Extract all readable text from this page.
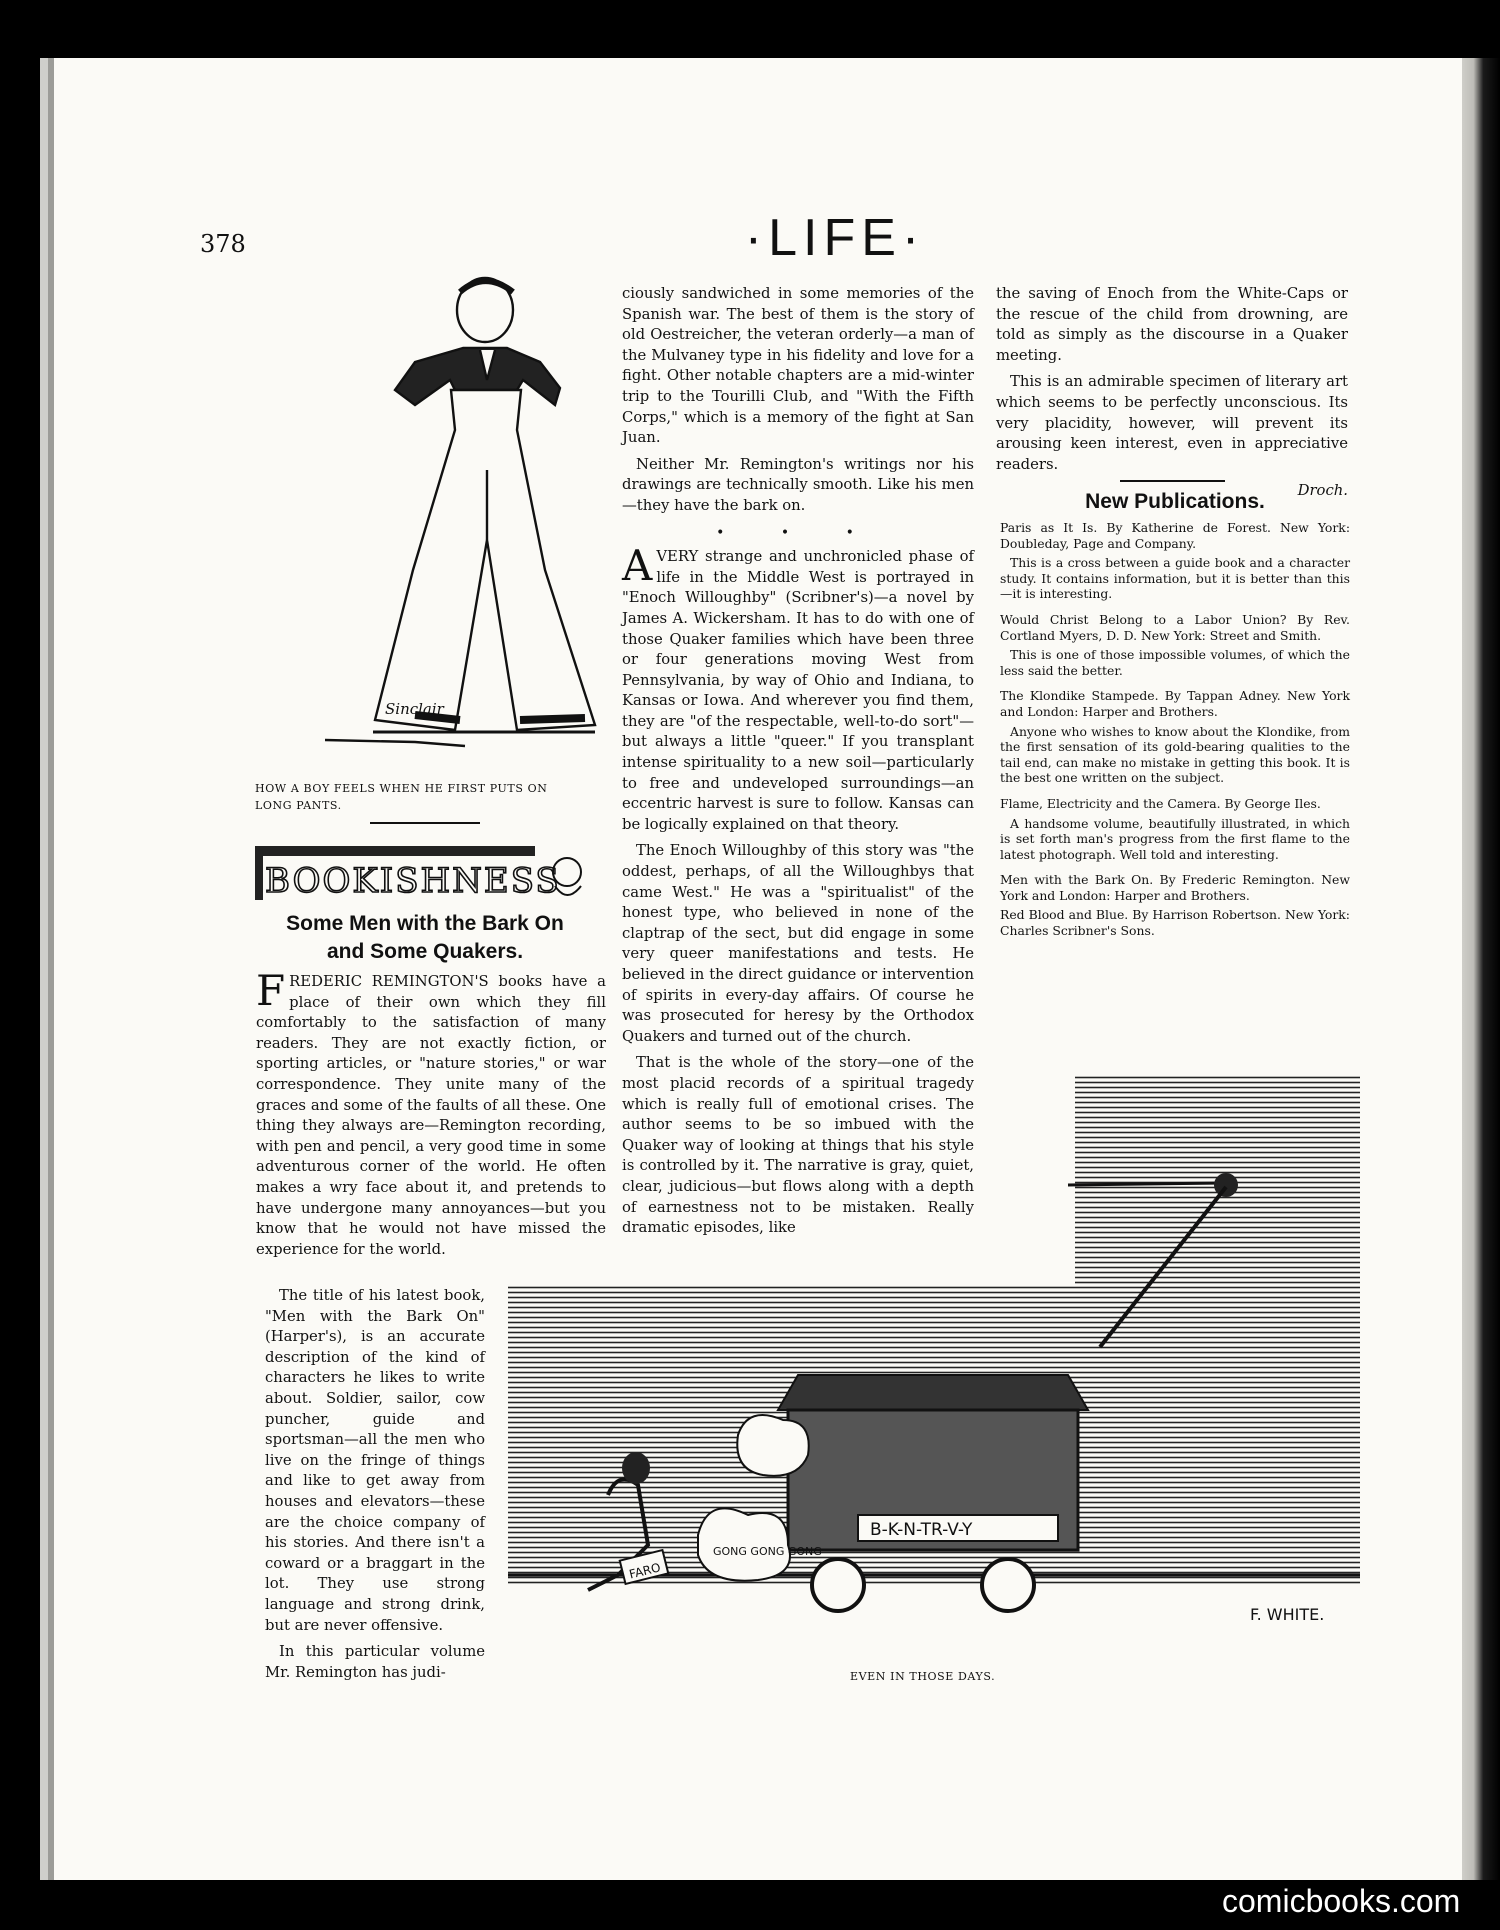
378	·LIFE·
Sinclair
HOW A BOY FEELS WHEN HE FIRST PUTS ON
LONG PANTS.
BOOKISHNESS
Some Men with the Bark On
and Some Quakers.

FREDERIC REMINGTON'S books have a place of their own which they fill comfortably to the satisfaction of many readers. They are not exactly fiction, or sporting articles, or "nature stories," or war correspondence. They unite many of the graces and some of the faults of all these. One thing they always are—Remington recording, with pen and pencil, a very good time in some adventurous corner of the world. He often makes a wry face about it, and pretends to have undergone many annoyances—but you know that he would not have missed the experience for the world.

The title of his latest book, "Men with the Bark On" (Harper's), is an accurate description of the kind of characters he likes to write about. Soldier, sailor, cow puncher, guide and sportsman—all the men who live on the fringe of things and like to get away from houses and elevators—these are the choice company of his stories. And there isn't a coward or a braggart in the lot. They use strong language and strong drink, but are never offensive.

In this particular volume Mr. Remington has judi-

ciously sandwiched in some memories of the Spanish war. The best of them is the story of old Oestreicher, the veteran orderly—a man of the Mulvaney type in his fidelity and love for a fight. Other notable chapters are a mid-winter trip to the Tourilli Club, and "With the Fifth Corps," which is a memory of the fight at San Juan.

Neither Mr. Remington's writings nor his drawings are technically smooth. Like his men—they have the bark on.

• • •

AVERY strange and unchronicled phase of life in the Middle West is portrayed in "Enoch Willoughby" (Scribner's)—a novel by James A. Wickersham. It has to do with one of those Quaker families which have been three or four generations moving West from Pennsylvania, by way of Ohio and Indiana, to Kansas or Iowa. And wherever you find them, they are "of the respectable, well-to-do sort"—but always a little "queer." If you transplant intense spirituality to a new soil—particularly to free and undeveloped surroundings—an eccentric harvest is sure to follow. Kansas can be logically explained on that theory.

The Enoch Willoughby of this story was "the oddest, perhaps, of all the Willoughbys that came West." He was a "spiritualist" of the honest type, who believed in none of the claptrap of the sect, but did engage in some very queer manifestations and tests. He believed in the direct guidance or intervention of spirits in every-day affairs. Of course he was prosecuted for heresy by the Orthodox Quakers and turned out of the church.

That is the whole of the story—one of the most placid records of a spiritual tragedy which is really full of emotional crises. The author seems to be so imbued with the Quaker way of looking at things that his style is controlled by it. The narrative is gray, quiet, clear, judicious—but flows along with a depth of earnestness not to be mistaken. Really dramatic episodes, like

the saving of Enoch from the White-Caps or the rescue of the child from drowning, are told as simply as the discourse in a Quaker meeting.

This is an admirable specimen of literary art which seems to be perfectly unconscious. Its very placidity, however, will prevent its arousing keen interest, even in appreciative readers.

Droch.
New Publications.
Paris as It Is. By Katherine de Forest. New York: Doubleday, Page and Company.
This is a cross between a guide book and a character study. It contains information, but it is better than this—it is interesting.
Would Christ Belong to a Labor Union? By Rev. Cortland Myers, D. D. New York: Street and Smith.
This is one of those impossible volumes, of which the less said the better.
The Klondike Stampede. By Tappan Adney. New York and London: Harper and Brothers.
Anyone who wishes to know about the Klondike, from the first sensation of its gold-bearing qualities to the tail end, can make no mistake in getting this book. It is the best one written on the subject.
Flame, Electricity and the Camera. By George Iles.
A handsome volume, beautifully illustrated, in which is set forth man's progress from the first flame to the latest photograph. Well told and interesting.
Men with the Bark On. By Frederic Remington. New York and London: Harper and Brothers.
Red Blood and Blue. By Harrison Robertson. New York: Charles Scribner's Sons.
B-K-N-TR-V-Y
FARO
GONG GONG GONG
F. WHITE.
EVEN IN THOSE DAYS.
comicbooks.com
